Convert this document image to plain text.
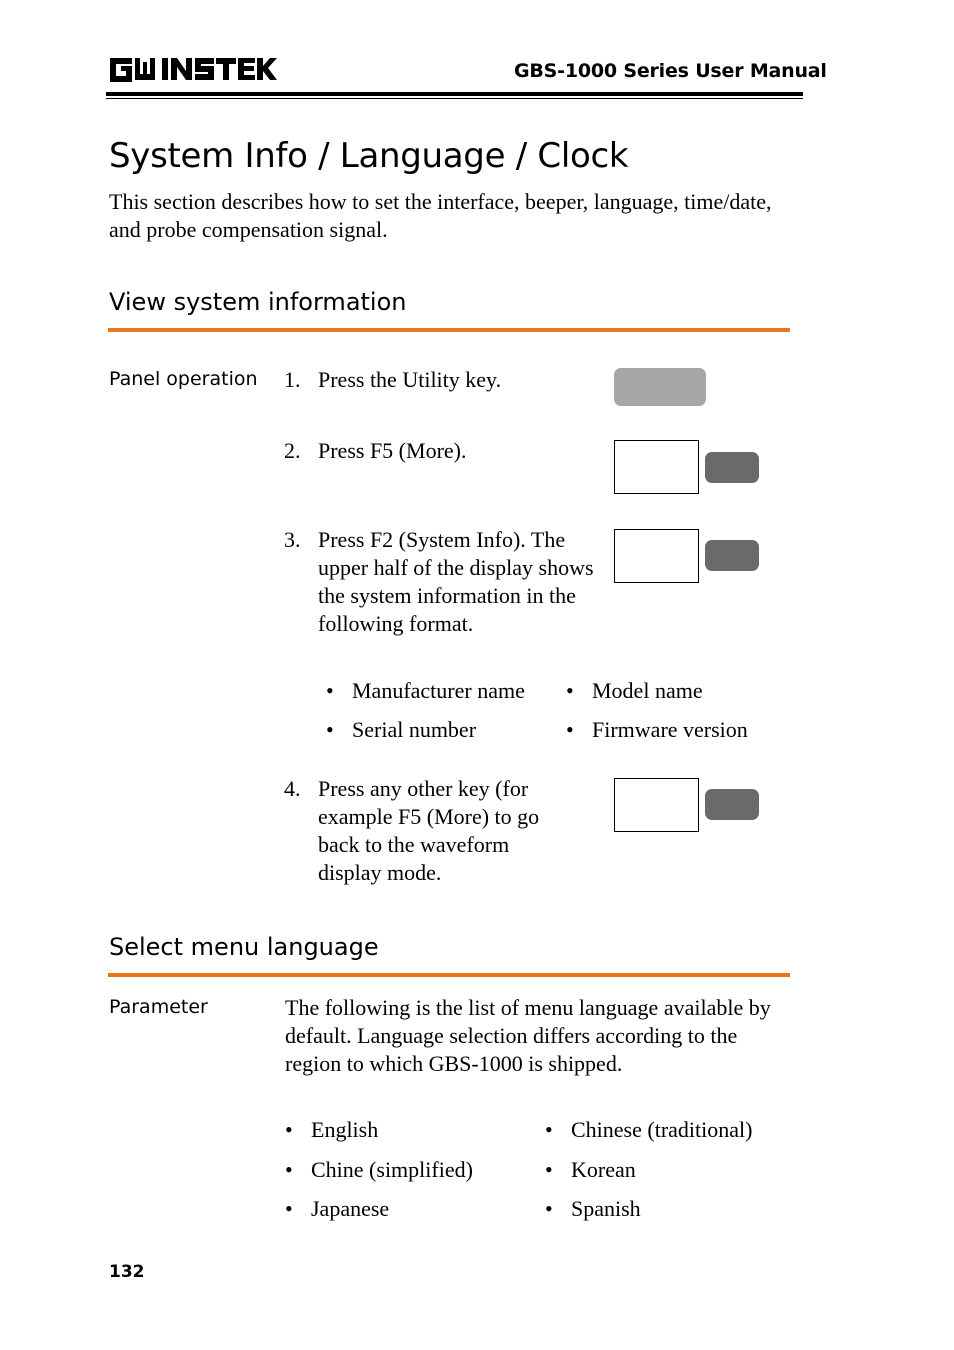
GBS-1000 Series User Manual
System Info / Language / Clock
This section describes how to set the interface, beeper, language, time/date, and probe compensation signal.
View system information
Panel operation 1. Press the Utility key.
2. Press F5 (More).
3. Press F2 (System Info). The upper half of the display shows the system information in the following format.
• Manufacturer name • Model name
• Serial number	• Firmware version
4. Press any other key (for example F5 (More) to go back to the waveform display mode.
Select menu language
Parameter	The following is the list of menu language available by default. Language selection differs according to the region to which GBS-1000 is shipped.
• English	• Chinese (traditional)
• Chine (simplified)	• Korean
• Japanese	• Spanish
132
